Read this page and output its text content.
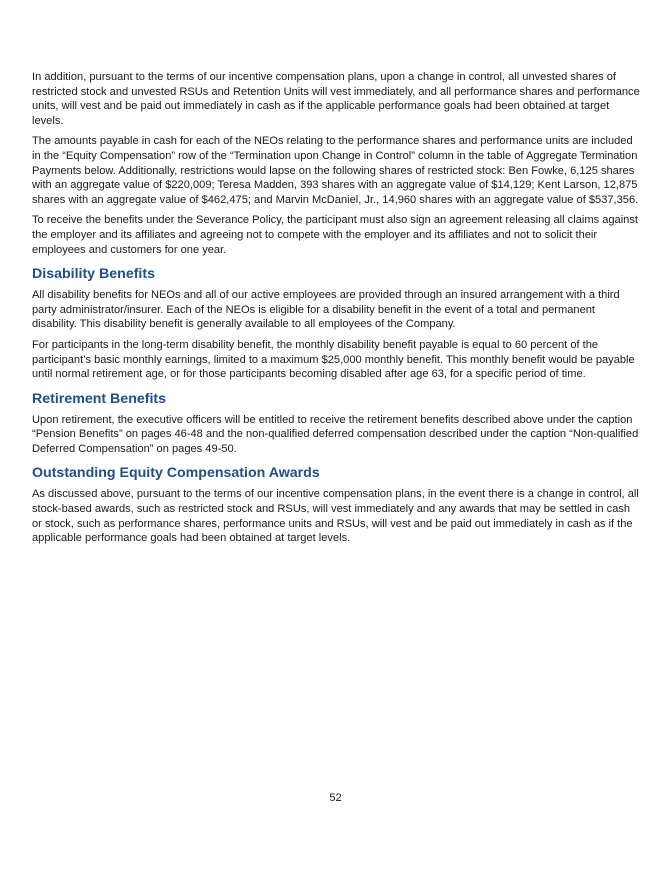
In addition, pursuant to the terms of our incentive compensation plans, upon a change in control, all unvested shares of restricted stock and unvested RSUs and Retention Units will vest immediately, and all performance shares and performance units, will vest and be paid out immediately in cash as if the applicable performance goals had been obtained at target levels.

The amounts payable in cash for each of the NEOs relating to the performance shares and performance units are included in the “Equity Compensation” row of the “Termination upon Change in Control” column in the table of Aggregate Termination Payments below. Additionally, restrictions would lapse on the following shares of restricted stock: Ben Fowke, 6,125 shares with an aggregate value of $220,009; Teresa Madden, 393 shares with an aggregate value of $14,129; Kent Larson, 12,875 shares with an aggregate value of $462,475; and Marvin McDaniel, Jr., 14,960 shares with an aggregate value of $537,356.

To receive the benefits under the Severance Policy, the participant must also sign an agreement releasing all claims against the employer and its affiliates and agreeing not to compete with the employer and its affiliates and not to solicit their employees and customers for one year.

Disability Benefits

All disability benefits for NEOs and all of our active employees are provided through an insured arrangement with a third party administrator/insurer. Each of the NEOs is eligible for a disability benefit in the event of a total and permanent disability. This disability benefit is generally available to all employees of the Company.

For participants in the long-term disability benefit, the monthly disability benefit payable is equal to 60 percent of the participant’s basic monthly earnings, limited to a maximum $25,000 monthly benefit. This monthly benefit would be payable until normal retirement age, or for those participants becoming disabled after age 63, for a specific period of time.

Retirement Benefits

Upon retirement, the executive officers will be entitled to receive the retirement benefits described above under the caption “Pension Benefits” on pages 46-48 and the non-qualified deferred compensation described under the caption “Non-qualified Deferred Compensation” on pages 49-50.

Outstanding Equity Compensation Awards

As discussed above, pursuant to the terms of our incentive compensation plans, in the event there is a change in control, all stock-based awards, such as restricted stock and RSUs, will vest immediately and any awards that may be settled in cash or stock, such as performance shares, performance units and RSUs, will vest and be paid out immediately in cash as if the applicable performance goals had been obtained at target levels.

52
